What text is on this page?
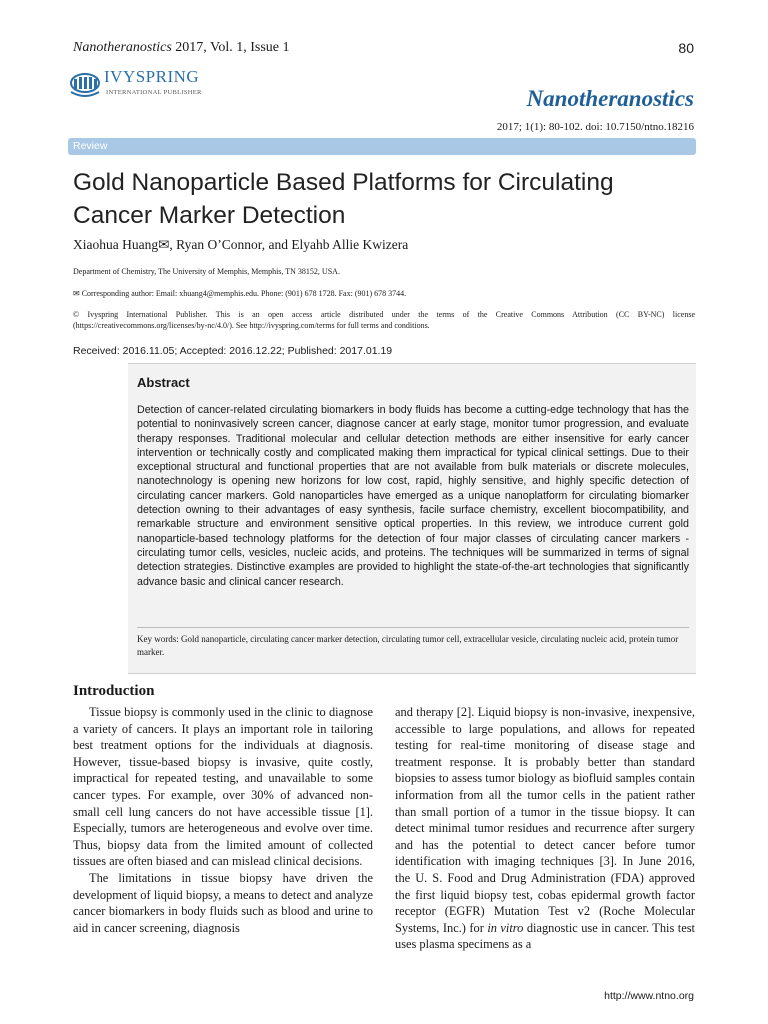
Nanotheranostics 2017, Vol. 1, Issue 1	80
IVYSPRING
INTERNATIONAL PUBLISHER	Nanotheranostics
2017; 1(1): 80-102. doi: 10.7150/ntno.18216
Review
Gold Nanoparticle Based Platforms for Circulating Cancer Marker Detection
Xiaohua Huang✉, Ryan O’Connor, and Elyahb Allie Kwizera
Department of Chemistry, The University of Memphis, Memphis, TN 38152, USA.
✉ Corresponding author: Email: xhuang4@memphis.edu. Phone: (901) 678 1728. Fax: (901) 678 3744.
© Ivyspring International Publisher. This is an open access article distributed under the terms of the Creative Commons Attribution (CC BY-NC) license (https://creativecommons.org/licenses/by-nc/4.0/). See http://ivyspring.com/terms for full terms and conditions.
Received: 2016.11.05; Accepted: 2016.12.22; Published: 2017.01.19
Abstract
Detection of cancer-related circulating biomarkers in body fluids has become a cutting-edge technology that has the potential to noninvasively screen cancer, diagnose cancer at early stage, monitor tumor progression, and evaluate therapy responses. Traditional molecular and cellular detection methods are either insensitive for early cancer intervention or technically costly and complicated making them impractical for typical clinical settings. Due to their exceptional structural and functional properties that are not available from bulk materials or discrete molecules, nanotechnology is opening new horizons for low cost, rapid, highly sensitive, and highly specific detection of circulating cancer markers. Gold nanoparticles have emerged as a unique nanoplatform for circulating biomarker detection owning to their advantages of easy synthesis, facile surface chemistry, excellent biocompatibility, and remarkable structure and environment sensitive optical properties. In this review, we introduce current gold nanoparticle-based technology platforms for the detection of four major classes of circulating cancer markers - circulating tumor cells, vesicles, nucleic acids, and proteins. The techniques will be summarized in terms of signal detection strategies. Distinctive examples are provided to highlight the state-of-the-art technologies that significantly advance basic and clinical cancer research.
Key words: Gold nanoparticle, circulating cancer marker detection, circulating tumor cell, extracellular vesicle, circulating nucleic acid, protein tumor marker.
Introduction

Tissue biopsy is commonly used in the clinic to diagnose a variety of cancers. It plays an important role in tailoring best treatment options for the individuals at diagnosis. However, tissue-based biopsy is invasive, quite costly, impractical for repeated testing, and unavailable to some cancer types. For example, over 30% of advanced non-small cell lung cancers do not have accessible tissue [1]. Especially, tumors are heterogeneous and evolve over time. Thus, biopsy data from the limited amount of collected tissues are often biased and can mislead clinical decisions.

The limitations in tissue biopsy have driven the development of liquid biopsy, a means to detect and analyze cancer biomarkers in body fluids such as blood and urine to aid in cancer screening, diagnosis

and therapy [2]. Liquid biopsy is non-invasive, inexpensive, accessible to large populations, and allows for repeated testing for real-time monitoring of disease stage and treatment response. It is probably better than standard biopsies to assess tumor biology as biofluid samples contain information from all the tumor cells in the patient rather than small portion of a tumor in the tissue biopsy. It can detect minimal tumor residues and recurrence after surgery and has the potential to detect cancer before tumor identification with imaging techniques [3]. In June 2016, the U. S. Food and Drug Administration (FDA) approved the first liquid biopsy test, cobas epidermal growth factor receptor (EGFR) Mutation Test v2 (Roche Molecular Systems, Inc.) for in vitro diagnostic use in cancer. This test uses plasma specimens as a

http://www.ntno.org
